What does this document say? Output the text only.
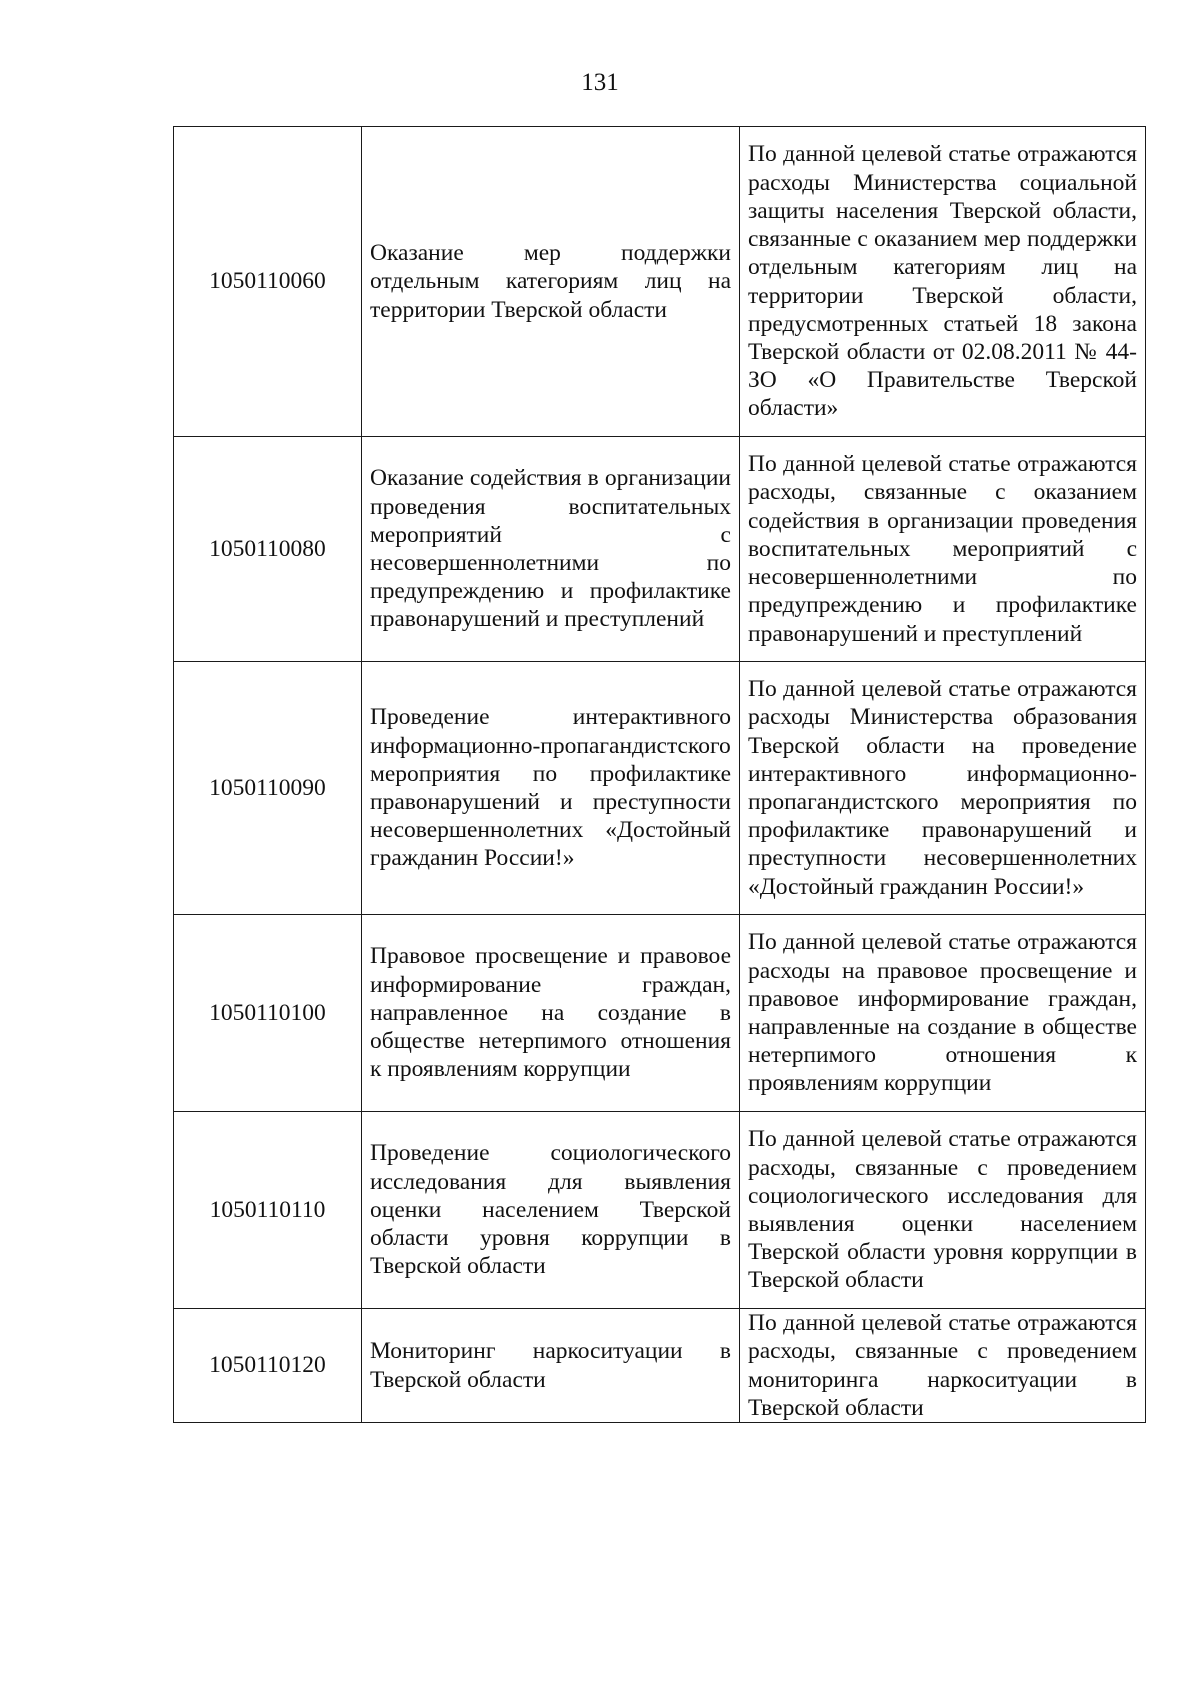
131
1050110060	Оказание мер поддержки отдельным категориям лиц на территории Тверской области	По данной целевой статье отражаются расходы Министерства социальной защиты населения Тверской области, связанные с оказанием мер поддержки отдельным категориям лиц на территории Тверской области, предусмотренных статьей 18 закона Тверской области от 02.08.2011 № 44-ЗО «О Правительстве Тверской области»
1050110080	Оказание содействия в организации проведения воспитательных мероприятий с несовершеннолетними по предупреждению и профилактике правонарушений и преступлений	По данной целевой статье отражаются расходы, связанные с оказанием содействия в организации проведения воспитательных мероприятий с несовершеннолетними по предупреждению и профилактике правонарушений и преступлений
1050110090	Проведение интерактивного информационно-пропагандистского мероприятия по профилактике правонарушений и преступности несовершеннолетних «Достойный гражданин России!»	По данной целевой статье отражаются расходы Министерства образования Тверской области на проведение интерактивного информационно-пропагандистского мероприятия по профилактике правонарушений и преступности несовершеннолетних «Достойный гражданин России!»
1050110100	Правовое просвещение и правовое информирование граждан, направленное на создание в обществе нетерпимого отношения к проявлениям коррупции	По данной целевой статье отражаются расходы на правовое просвещение и правовое информирование граждан, направленные на создание в обществе нетерпимого отношения к проявлениям коррупции
1050110110	Проведение социологического исследования для выявления оценки населением Тверской области уровня коррупции в Тверской области	По данной целевой статье отражаются расходы, связанные с проведением социологического исследования для выявления оценки населением Тверской области уровня коррупции в Тверской области
1050110120	Мониторинг наркоситуации в Тверской области	По данной целевой статье отражаются расходы, связанные с проведением мониторинга наркоситуации в Тверской области
